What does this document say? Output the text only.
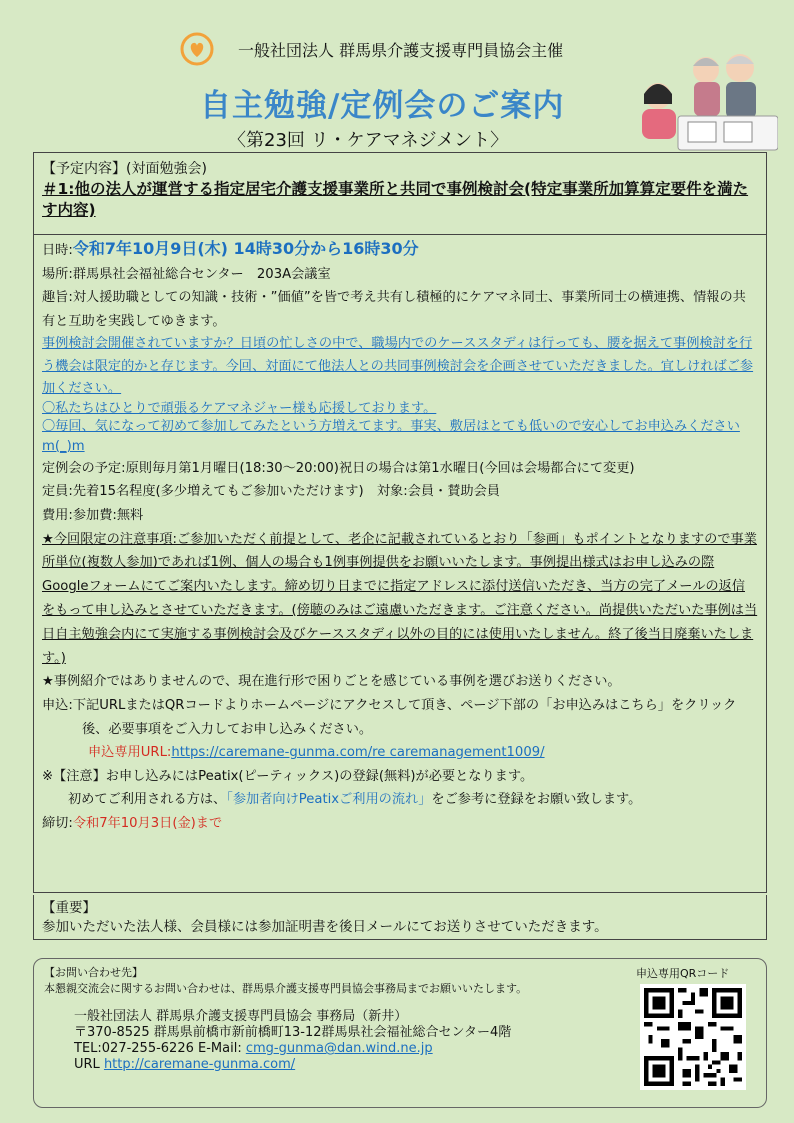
一般社団法人 群馬県介護支援専門員協会主催
自主勉強/定例会のご案内
〈第23回 リ・ケアマネジメント〉
【予定内容】(対面勉強会)
＃1:他の法人が運営する指定居宅介護支援事業所と共同で事例検討会(特定事業所加算算定要件を満たす内容)
日時:令和7年10月9日(木) 14時30分から16時30分
場所:群馬県社会福祉総合センター　203A会議室
趣旨:対人援助職としての知識・技術・”価値”を皆で考え共有し積極的にケアマネ同士、事業所同士の横連携、情報の共有と互助を実践してゆきます。
事例検討会開催されていますか？日頃の忙しさの中で、職場内でのケーススタディは行っても、腰を据えて事例検討を行う機会は限定的かと存じます。今回、対面にて他法人との共同事例検討会を企画させていただきました。宜しければご参加ください。
〇私たちはひとりで頑張るケアマネジャー様も応援しております。
〇毎回、気になって初めて参加してみたという方増えてます。事実、敷居はとても低いので安心してお申込みくださいm(_)m
定例会の予定:原則毎月第1月曜日(18:30～20:00)祝日の場合は第1水曜日(今回は会場都合にて変更)
定員:先着15名程度(多少増えてもご参加いただけます)　対象:会員・賛助会員
費用:参加費:無料
★今回限定の注意事項:ご参加いただく前提として、老企に記載されているとおり「参画」もポイントとなりますので事業所単位(複数人参加)であれば1例、個人の場合も1例事例提供をお願いいたします。事例提出様式はお申し込みの際Googleフォームにてご案内いたします。締め切り日までに指定アドレスに添付送信いただき、当方の完了メールの返信をもって申し込みとさせていただきます。(傍聴のみはご遠慮いただきます。ご注意ください。尚提供いただいた事例は当日自主勉強会内にて実施する事例検討会及びケーススタディ以外の目的には使用いたしません。終了後当日廃棄いたします。)
★事例紹介ではありませんので、現在進行形で困りごとを感じている事例を選びお送りください。
申込:下記URLまたはQRコードよりホームページにアクセスして頂き、ページ下部の「お申込みはこちら」をクリック後、必要事項をご入力してお申し込みください。
申込専用URL:https://caremane-gunma.com/re caremanagement1009/
※【注意】お申し込みにはPeatix(ピーティックス)の登録(無料)が必要となります。
初めてご利用される方は、「参加者向けPeatixご利用の流れ」をご参考に登録をお願い致します。
締切:令和7年10月3日(金)まで
【重要】
参加いただいた法人様、会員様には参加証明書を後日メールにてお送りさせていただきます。
【お問い合わせ先】
本懇親交流会に関するお問い合わせは、群馬県介護支援専門員協会事務局までお願いいたします。
一般社団法人 群馬県介護支援専門員協会 事務局（新井）
〒370-8525 群馬県前橋市新前橋町13-12群馬県社会福祉総合センター4階
TEL:027-255-6226 E-Mail: cmg-gunma@dan.wind.ne.jp
URL http://caremane-gunma.com/
申込専用QRコード
